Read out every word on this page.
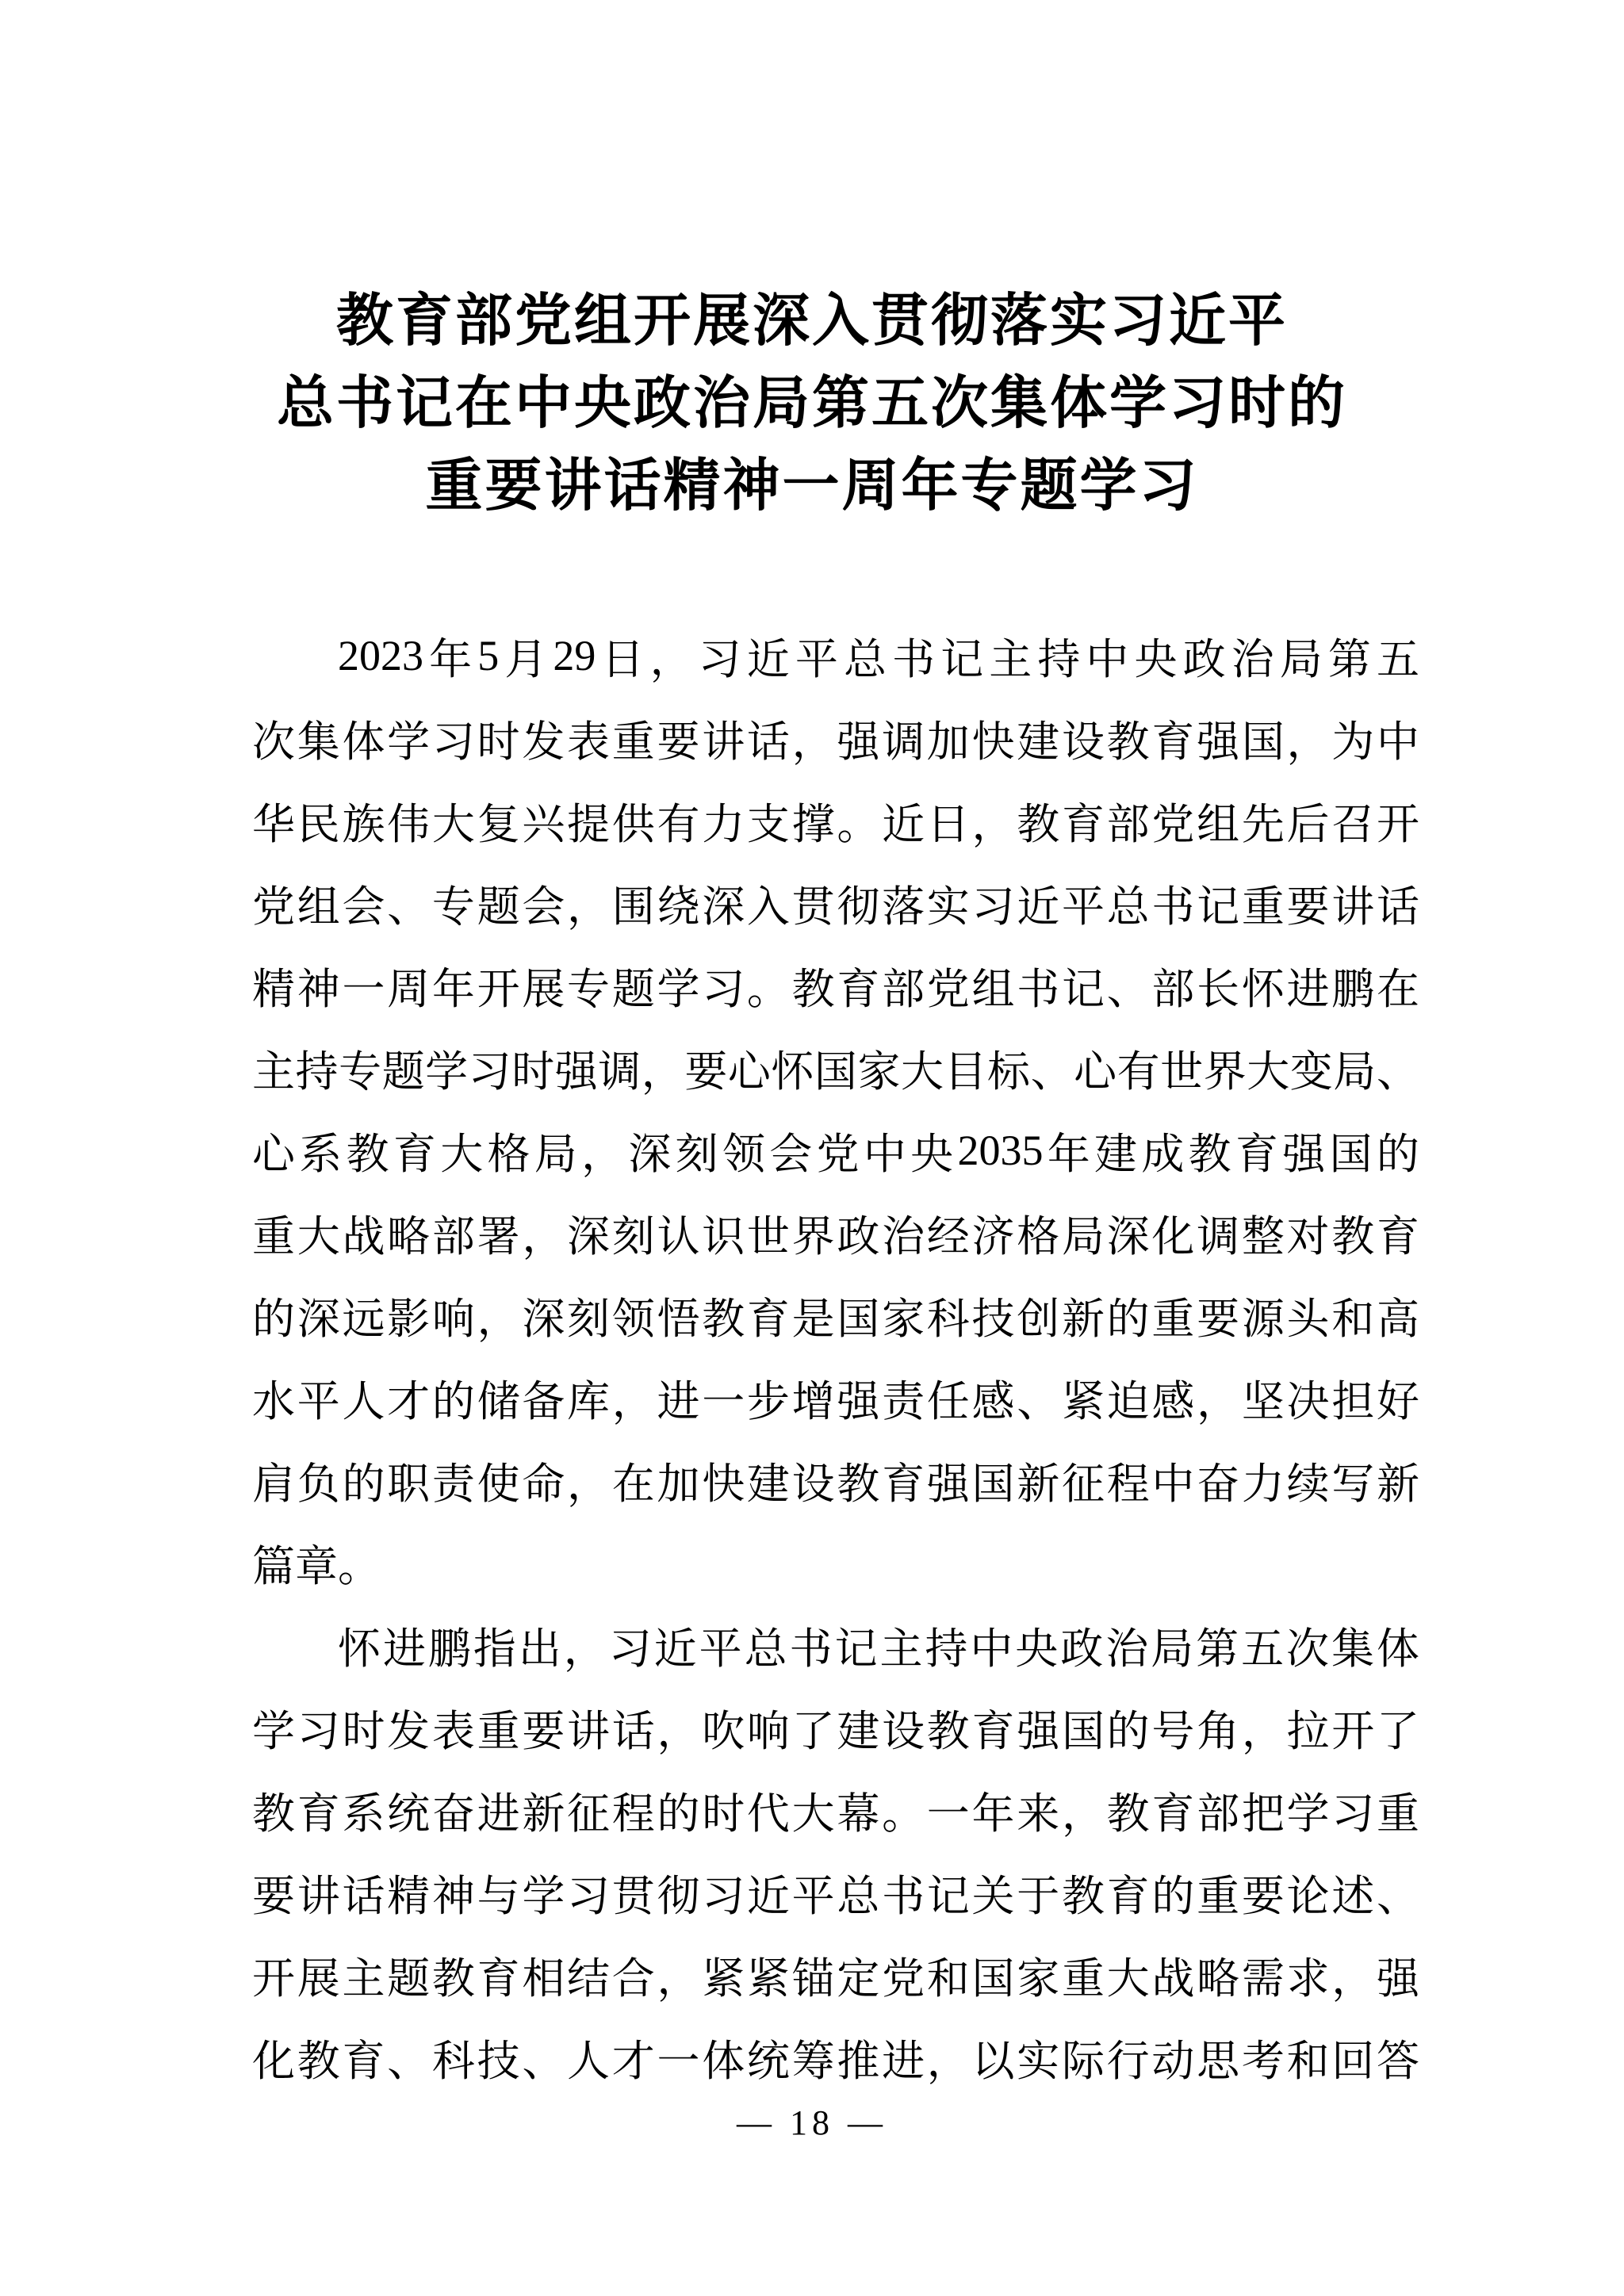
教育部党组开展深入贯彻落实习近平
总书记在中央政治局第五次集体学习时的
重要讲话精神一周年专题学习
2023 年 5 月 29 日 ， 习 近 平 总 书 记 主 持 中 央 政 治 局 第 五
次 集 体 学 习 时 发 表 重 要 讲 话 ， 强 调 加 快 建 设 教 育 强 国 ， 为 中
华 民 族 伟 大 复 兴 提 供 有 力 支 撑 。 近 日 ， 教 育 部 党 组 先 后 召 开
党 组 会 、 专 题 会 ， 围 绕 深 入 贯 彻 落 实 习 近 平 总 书 记 重 要 讲 话
精 神 一 周 年 开 展 专 题 学 习 。 教 育 部 党 组 书 记 、 部 长 怀 进 鹏 在
主 持 专 题 学 习 时 强 调 ， 要 心 怀 国 家 大 目 标 、 心 有 世 界 大 变 局 、
心 系 教 育 大 格 局 ， 深 刻 领 会 党 中 央 2035 年 建 成 教 育 强 国 的
重 大 战 略 部 署 ， 深 刻 认 识 世 界 政 治 经 济 格 局 深 化 调 整 对 教 育
的 深 远 影 响 ， 深 刻 领 悟 教 育 是 国 家 科 技 创 新 的 重 要 源 头 和 高
水 平 人 才 的 储 备 库 ， 进 一 步 增 强 责 任 感 、 紧 迫 感 ， 坚 决 担 好
肩 负 的 职 责 使 命 ， 在 加 快 建 设 教 育 强 国 新 征 程 中 奋 力 续 写 新
篇 章 。
怀 进 鹏 指 出 ， 习 近 平 总 书 记 主 持 中 央 政 治 局 第 五 次 集 体
学 习 时 发 表 重 要 讲 话 ， 吹 响 了 建 设 教 育 强 国 的 号 角 ， 拉 开 了
教 育 系 统 奋 进 新 征 程 的 时 代 大 幕 。 一 年 来 ， 教 育 部 把 学 习 重
要 讲 话 精 神 与 学 习 贯 彻 习 近 平 总 书 记 关 于 教 育 的 重 要 论 述 、
开 展 主 题 教 育 相 结 合 ， 紧 紧 锚 定 党 和 国 家 重 大 战 略 需 求 ， 强
化 教 育 、 科 技 、 人 才 一 体 统 筹 推 进 ， 以 实 际 行 动 思 考 和 回 答
— 18 —
